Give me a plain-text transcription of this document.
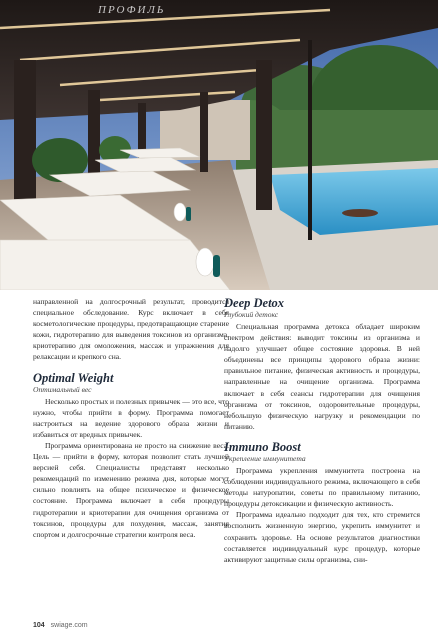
ПРОФИЛЬ

направленной на долгосрочный результат, проводится специальное обследование. Курс включает в себя косметологические процедуры, предотвращающие старение кожи, гидротерапию для выведения токсинов из организма, криотерапию для омоложения, массаж и упражнения для релаксации и крепкого сна.

Optimal Weight
Оптимальный вес

Несколько простых и полезных привычек — это все, что нужно, чтобы прийти в форму. Программа помогает настроиться на ведение здорового образа жизни и избавиться от вредных привычек.

Программа ориентирована не просто на снижение веса. Цель — прийти в форму, которая позволит стать лучшей версией себя. Специалисты представят несколько рекомендаций по изменению режима дня, которые могут сильно повлиять на общее психическое и физическое состояние. Программа включает в себя процедуры гидротерапии и криотерапии для очищения организма от токсинов, процедуры для похудения, массаж, занятия спортом и долгосрочные стратегии контроля веса.

Deep Detox
Глубокий детокс

Специальная программа детокса обладает широким спектром действия: выводит токсины из организма и надолго улучшает общее состояние здоровья. В ней объединены все принципы здорового образа жизни: правильное питание, физическая активность и процедуры, направленные на очищение организма. Программа включает в себя сеансы гидротерапии для очищения организма от токсинов, оздоровительные процедуры, небольшую физическую нагрузку и рекомендации по питанию.

Immuno Boost
Укрепление иммунитета

Программа укрепления иммунитета построена на соблюдении индивидуального режима, включающего в себя методы натуропатии, советы по правильному питанию, процедуры детоксикации и физическую активность.

Программа идеально подходит для тех, кто стремится восполнить жизненную энергию, укрепить иммунитет и сохранить здоровье. На основе результатов диагностики составляется индивидуальный курс процедур, которые активируют защитные силы организма, сни-

104 swiage.com
